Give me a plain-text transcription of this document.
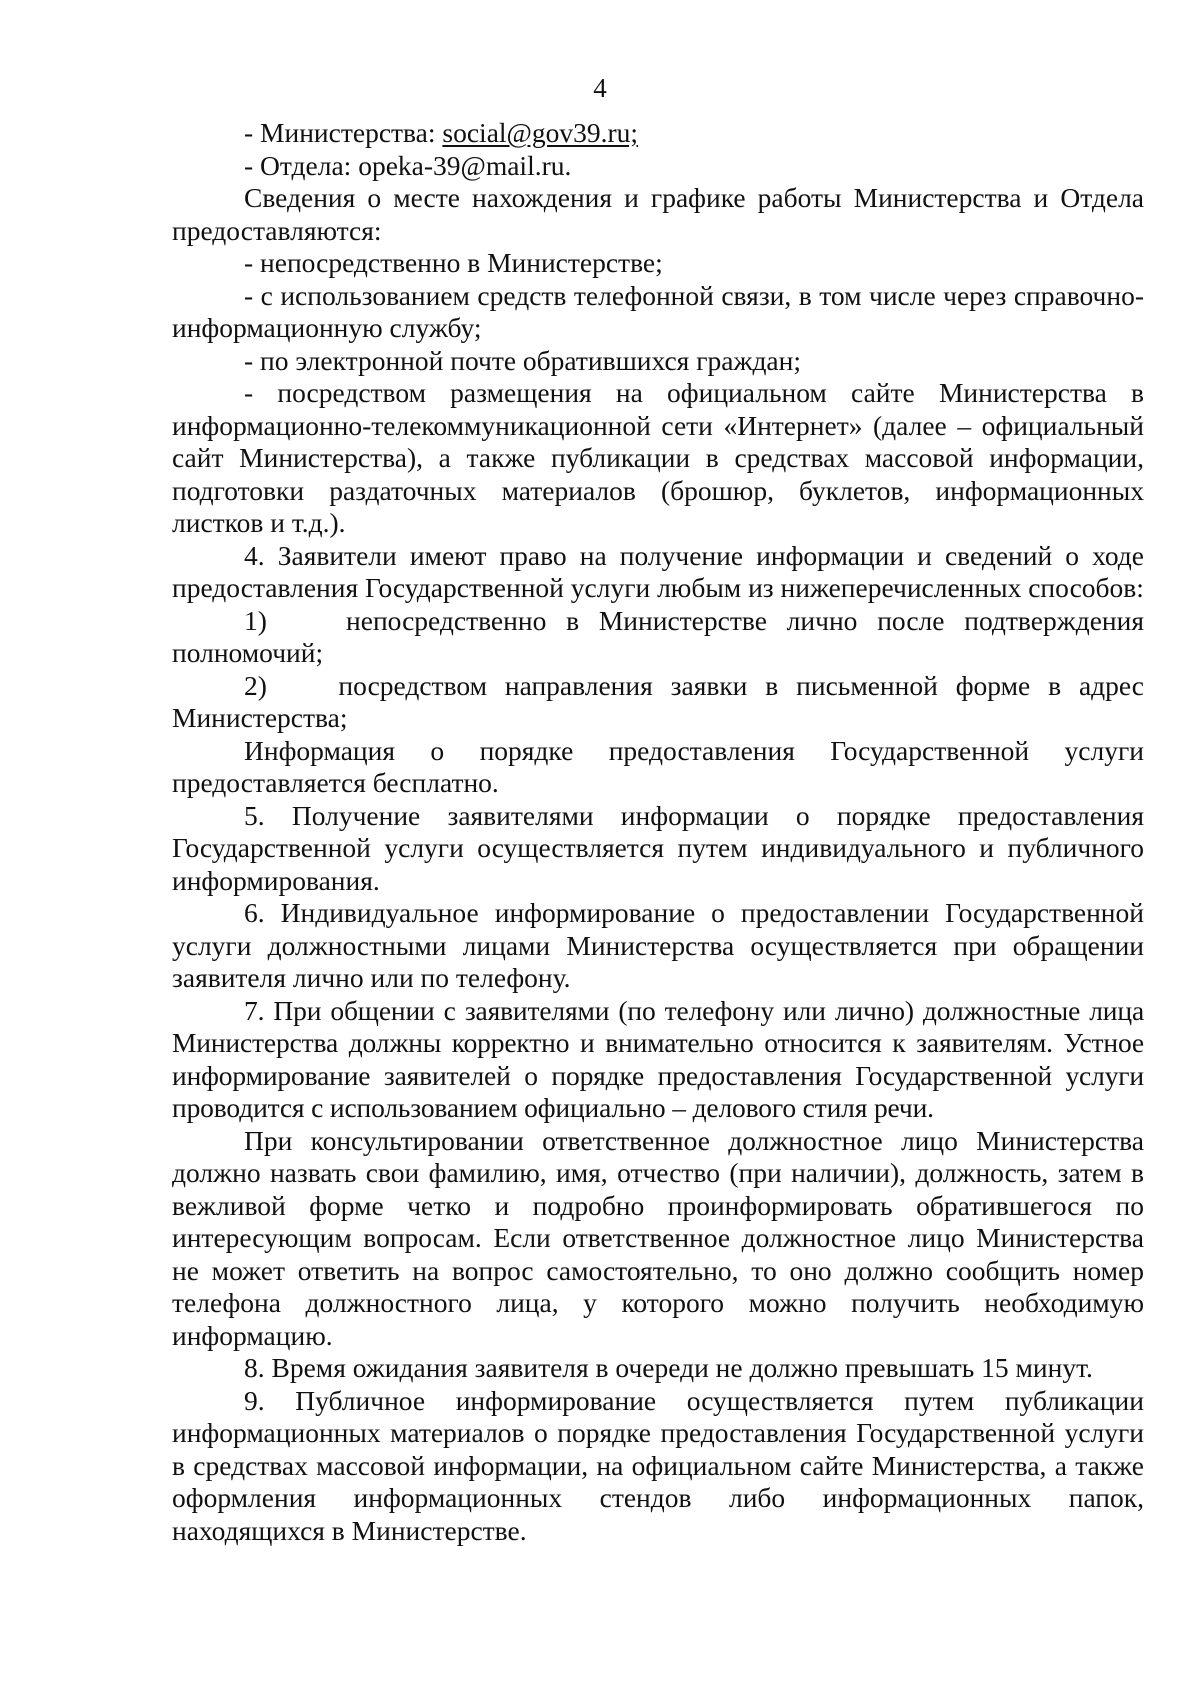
4

- Министерства: social@gov39.ru;

- Отдела: opeka-39@mail.ru.

Сведения о месте нахождения и графике работы Министерства и Отдела предоставляются:

- непосредственно в Министерстве;

- с использованием средств телефонной связи, в том числе через справочно-информационную службу;

- по электронной почте обратившихся граждан;

- посредством размещения на официальном сайте Министерства в информационно-телекоммуникационной сети «Интернет» (далее – официальный сайт Министерства), а также публикации в средствах массовой информации, подготовки раздаточных материалов (брошюр, буклетов, информационных листков и т.д.).

4. Заявители имеют право на получение информации и сведений о ходе предоставления Государственной услуги любым из нижеперечисленных способов:

1)    непосредственно в Министерстве лично после подтверждения полномочий;

2)    посредством направления заявки в письменной форме в адрес Министерства;

Информация о порядке предоставления Государственной услуги предоставляется бесплатно.

5. Получение заявителями информации о порядке предоставления Государственной услуги осуществляется путем индивидуального и публичного информирования.

6. Индивидуальное информирование о предоставлении Государственной услуги должностными лицами Министерства осуществляется при обращении заявителя лично или по телефону.

7. При общении с заявителями (по телефону или лично) должностные лица Министерства должны корректно и внимательно относится к заявителям. Устное информирование заявителей о порядке предоставления Государственной услуги проводится с использованием официально – делового стиля речи.

При консультировании ответственное должностное лицо Министерства должно назвать свои фамилию, имя, отчество (при наличии), должность, затем в вежливой форме четко и подробно проинформировать обратившегося по интересующим вопросам. Если ответственное должностное лицо Министерства не может ответить на вопрос самостоятельно, то оно должно сообщить номер телефона должностного лица, у которого можно получить необходимую информацию.

8. Время ожидания заявителя в очереди не должно превышать 15 минут.

9. Публичное информирование осуществляется путем публикации информационных материалов о порядке предоставления Государственной услуги в средствах массовой информации, на официальном сайте Министерства, а также оформления информационных стендов либо информационных папок, находящихся в Министерстве.
